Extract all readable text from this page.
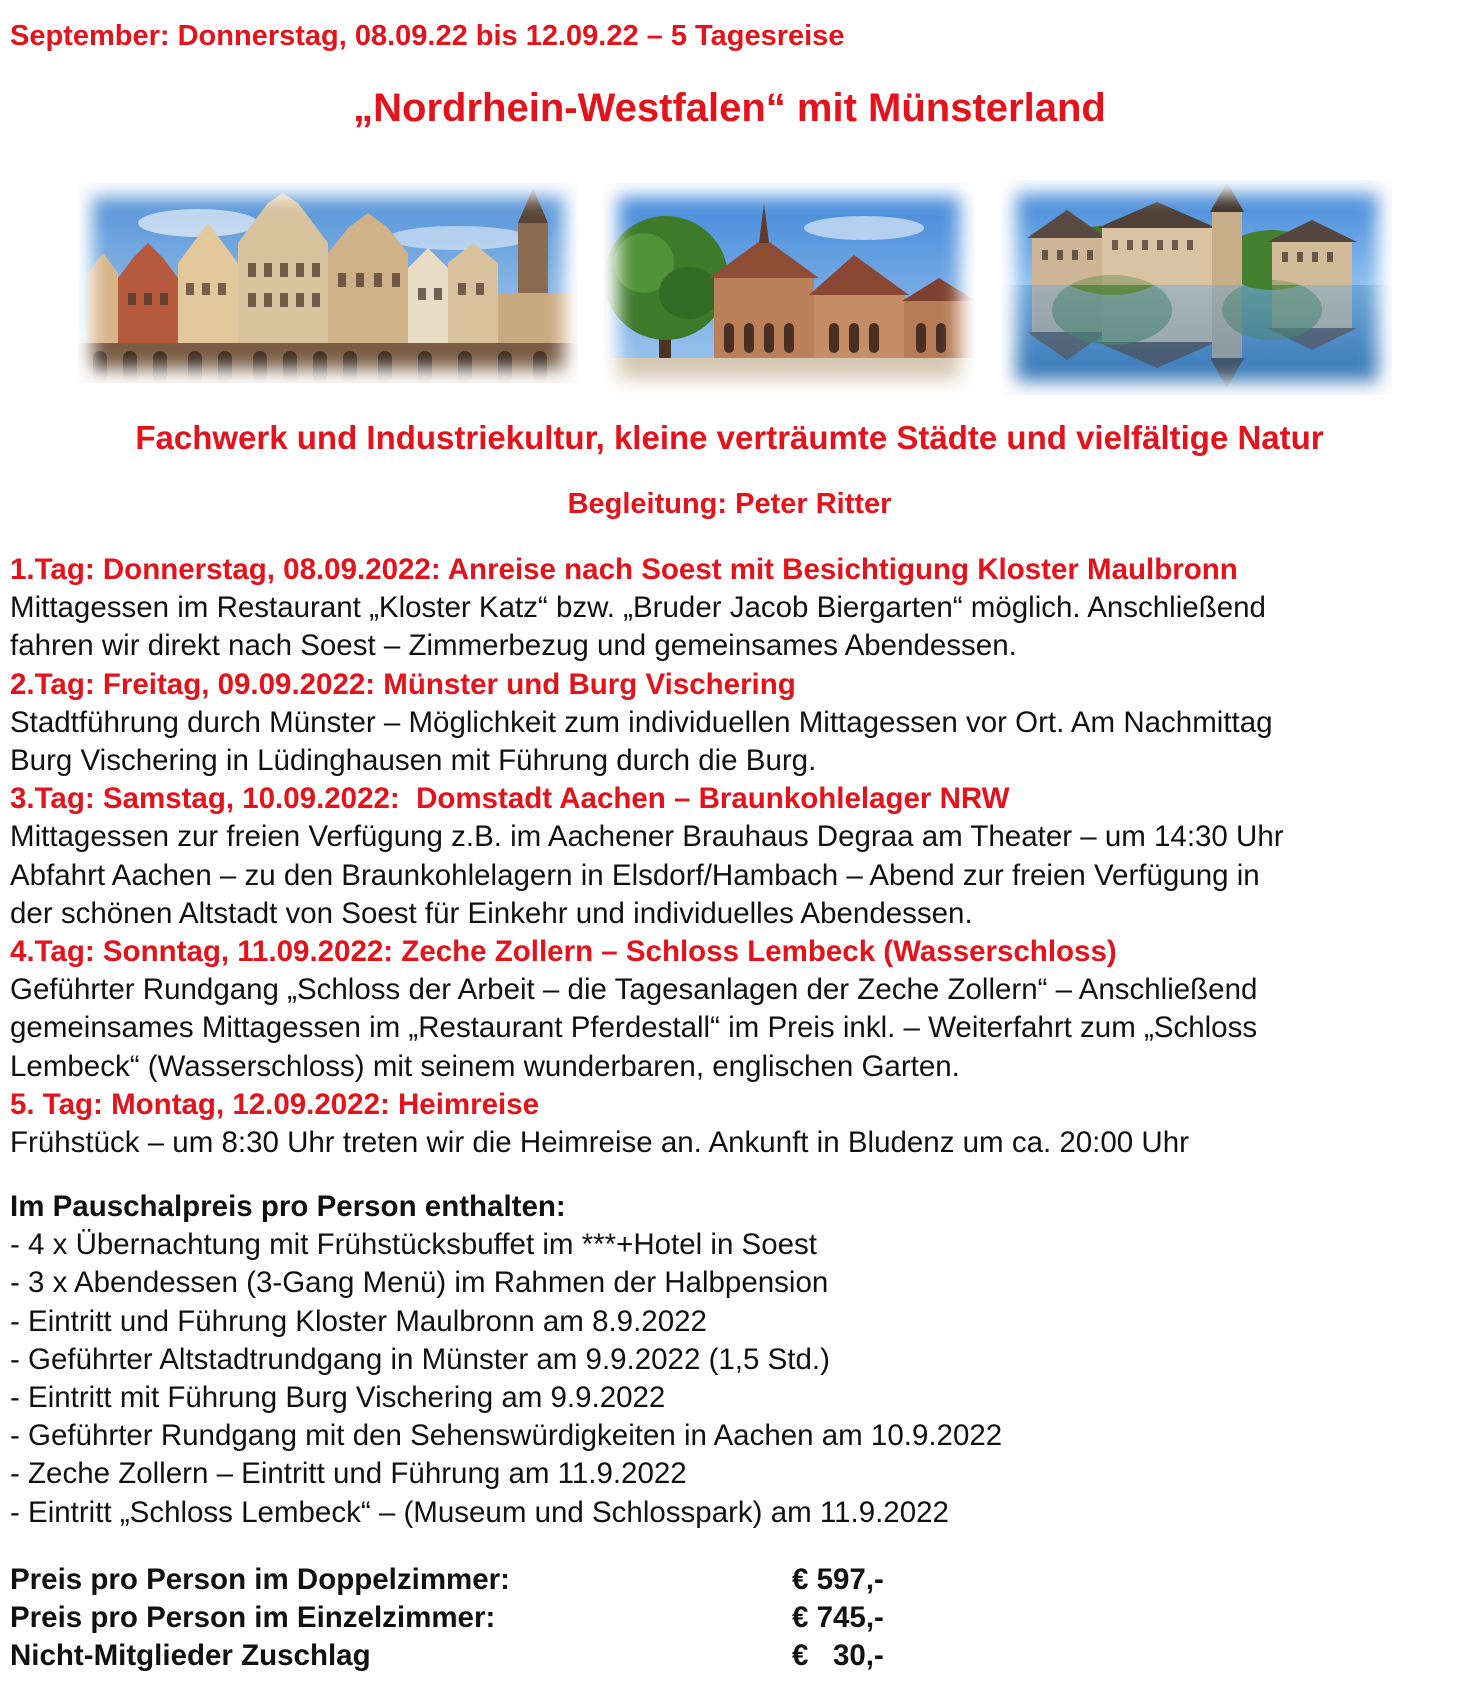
September: Donnerstag, 08.09.22 bis 12.09.22 – 5 Tagesreise
„Nordrhein-Westfalen“ mit Münsterland
Fachwerk und Industriekultur, kleine verträumte Städte und vielfältige Natur
Begleitung: Peter Ritter
1.Tag: Donnerstag, 08.09.2022: Anreise nach Soest mit Besichtigung Kloster Maulbronn
Mittagessen im Restaurant „Kloster Katz“ bzw. „Bruder Jacob Biergarten“ möglich. Anschließend
fahren wir direkt nach Soest – Zimmerbezug und gemeinsames Abendessen.
2.Tag: Freitag, 09.09.2022: Münster und Burg Vischering
Stadtführung durch Münster – Möglichkeit zum individuellen Mittagessen vor Ort. Am Nachmittag
Burg Vischering in Lüdinghausen mit Führung durch die Burg.
3.Tag: Samstag, 10.09.2022:  Domstadt Aachen – Braunkohlelager NRW
Mittagessen zur freien Verfügung z.B. im Aachener Brauhaus Degraa am Theater – um 14:30 Uhr
Abfahrt Aachen – zu den Braunkohlelagern in Elsdorf/Hambach – Abend zur freien Verfügung in
der schönen Altstadt von Soest für Einkehr und individuelles Abendessen.
4.Tag: Sonntag, 11.09.2022: Zeche Zollern – Schloss Lembeck (Wasserschloss)
Geführter Rundgang „Schloss der Arbeit – die Tagesanlagen der Zeche Zollern“ – Anschließend
gemeinsames Mittagessen im „Restaurant Pferdestall“ im Preis inkl. – Weiterfahrt zum „Schloss
Lembeck“ (Wasserschloss) mit seinem wunderbaren, englischen Garten.
5. Tag: Montag, 12.09.2022: Heimreise
Frühstück – um 8:30 Uhr treten wir die Heimreise an. Ankunft in Bludenz um ca. 20:00 Uhr
Im Pauschalpreis pro Person enthalten:
- 4 x Übernachtung mit Frühstücksbuffet im ***+Hotel in Soest
- 3 x Abendessen (3-Gang Menü) im Rahmen der Halbpension
- Eintritt und Führung Kloster Maulbronn am 8.9.2022
- Geführter Altstadtrundgang in Münster am 9.9.2022 (1,5 Std.)
- Eintritt mit Führung Burg Vischering am 9.9.2022
- Geführter Rundgang mit den Sehenswürdigkeiten in Aachen am 10.9.2022
- Zeche Zollern – Eintritt und Führung am 11.9.2022
- Eintritt „Schloss Lembeck“ – (Museum und Schlosspark) am 11.9.2022
Preis pro Person im Doppelzimmer:	€ 597,-
Preis pro Person im Einzelzimmer:	€ 745,-
Nicht-Mitglieder Zuschlag	€   30,-
